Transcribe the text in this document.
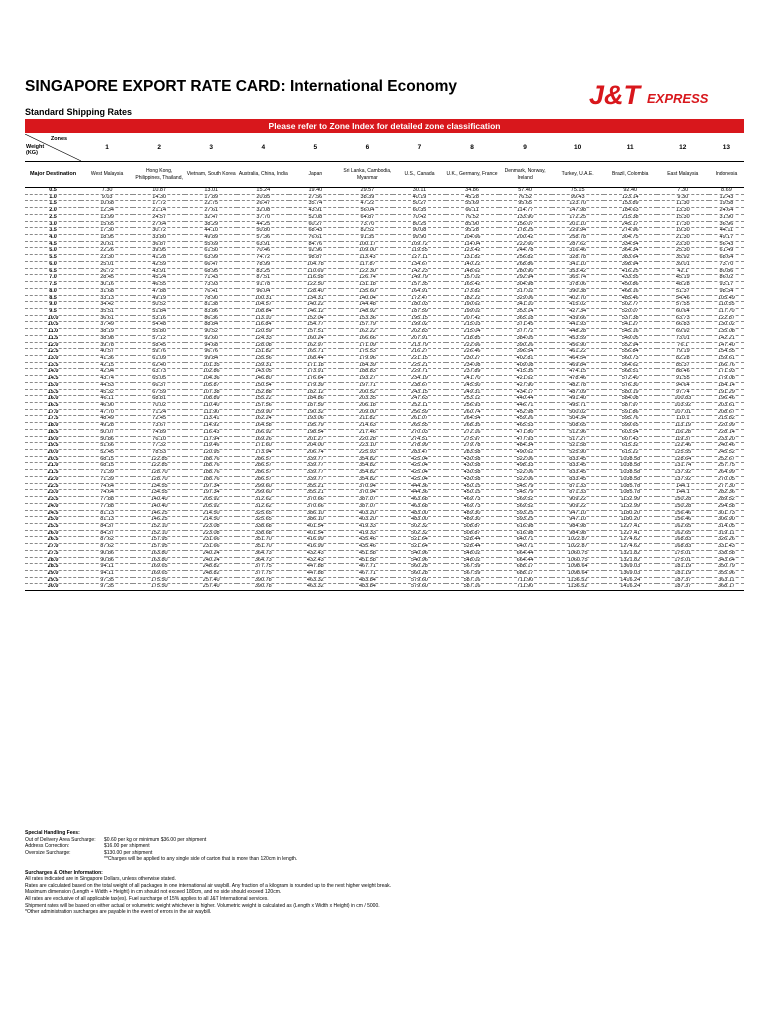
SINGAPORE EXPORT RATE CARD: International Economy	J&T EXPRESS
Standard Shipping Rates
Please refer to Zone Index for detailed zone classification
Zones
Weight
(KG)	1	2	3	4	5	6	7	8	9	10	11	12	13
Major Destination	West Malaysia	Hong Kong, Philippines, Thailand,	Vietnam, South Korea	Australia, China, India	Japan	Sri Lanka, Cambodia, Myanmar	U.S., Canada	U.K., Germany, France	Denmark, Norway, Ireland	Turkey, U.A.E.	Brazil, Colombia	East Malaysia	Indonesia
0.5	7.30	10.87	13.01	15.24	19.40	29.57	30.11	34.86	57.40	75.15	92.40	7.30	8.69
1.0	9.03	14.30	17.89	20.85	27.56	38.39	40.19	45.28	76.52	99.43	123.14	9.30	12.43
1.5	10.68	17.72	22.75	26.47	35.74	47.22	50.27	55.69	95.65	123.70	153.89	11.30	19.58
2.0	12.34	21.14	27.61	32.08	43.91	56.04	60.35	66.11	114.77	147.98	184.63	13.30	24.64
2.5	13.99	24.57	32.47	37.70	52.08	64.87	70.42	76.52	133.90	172.25	215.38	15.30	31.90
3.0	15.65	27.64	38.29	44.25	60.27	73.70	80.25	85.90	156.07	201.10	245.17	17.30	36.96
3.5	17.30	30.72	44.10	50.80	68.43	82.52	90.08	95.28	178.25	229.94	274.96	19.30	44.11
4.0	18.95	33.80	49.89	57.36	76.61	91.35	99.90	104.66	200.42	258.78	304.75	21.30	49.17
4.5	20.61	36.87	55.69	63.91	84.76	100.17	109.72	114.04	222.60	287.62	334.54	23.30	56.43
5.0	22.26	39.95	61.50	70.46	92.96	109.00	119.55	123.42	244.78	316.46	364.34	25.30	61.49
5.5	23.30	41.28	63.99	74.72	98.87	113.43	127.11	131.82	256.82	328.78	383.64	35.92	68.64
6.0	25.01	42.59	66.47	78.99	104.78	117.87	134.67	140.22	268.86	341.10	398.94	39.01	73.70
6.5	26.72	43.91	68.95	83.25	110.69	122.30	142.23	148.62	280.90	353.42	416.25	42.1	80.86
7.0	28.45	45.24	71.43	87.51	116.58	126.74	149.79	157.02	292.94	365.74	433.55	45.19	86.02
7.5	30.16	46.55	73.93	91.78	122.50	131.18	157.35	165.42	304.98	378.06	450.86	48.28	93.17
8.0	31.68	47.88	76.41	96.04	128.40	135.60	164.91	173.82	317.02	390.38	468.16	51.37	98.34
8.5	33.13	49.19	78.90	100.31	134.31	140.04	172.47	182.22	329.06	402.70	485.46	54.46	105.49
9.0	34.42	50.52	81.38	104.57	140.22	144.48	180.03	190.62	341.10	415.02	502.77	57.55	110.55
9.5	35.51	51.84	83.86	108.84	146.12	148.92	187.59	199.02	353.14	427.34	520.07	60.64	117.70
10.0	36.61	53.16	86.36	113.10	152.04	153.36	195.15	207.42	365.18	439.66	537.38	63.73	122.87
10.5	37.49	54.48	88.84	116.84	154.77	157.79	199.02	215.03	371.45	441.93	541.27	66.83	130.02
11.0	38.19	55.80	90.52	120.59	157.51	162.22	202.83	215.04	377.72	448.28	545.16	69.92	135.08
11.5	38.98	57.12	92.60	124.33	160.24	166.66	207.91	218.85	384.05	453.59	549.05	73.01	142.21
12.0	39.78	58.45	94.68	128.08	162.97	171.09	213.79	222.66	390.26	456.90	552.94	76.1	147.40
12.5	40.57	59.76	96.76	131.82	165.71	175.53	216.27	226.46	396.54	461.22	556.84	79.19	154.55
13.0	41.36	61.09	99.84	135.56	168.44	179.96	221.15	230.27	402.81	464.54	560.73	82.28	159.61
13.5	42.15	62.40	101.35	139.31	171.18	184.39	225.21	234.08	409.08	469.84	564.62	85.37	166.76
14.0	42.94	63.73	102.86	143.05	173.91	188.83	229.71	237.89	415.35	474.15	568.51	88.46	171.93
14.5	43.74	65.05	104.36	146.80	176.64	193.27	234.19	241.70	421.62	478.46	572.40	91.55	179.08
15.0	44.53	66.37	105.87	150.54	179.39	197.71	238.67	245.50	427.90	482.78	576.30	94.64	184.14
15.5	45.32	67.59	107.38	152.88	182.12	200.52	243.15	249.31	434.17	487.09	580.19	97.74	191.29
16.0	46.11	68.81	108.89	155.22	184.86	203.35	247.63	253.12	440.44	491.40	584.08	100.83	196.46
16.5	46.90	70.02	110.40	157.56	187.59	206.18	252.11	256.93	446.71	495.71	587.97	103.92	203.61
17.0	47.70	71.24	111.90	159.90	190.32	209.00	256.59	260.74	452.98	500.02	591.86	107.01	208.67
17.5	48.49	72.45	113.41	162.24	193.06	211.82	261.07	264.54	459.26	504.34	595.76	110.1	215.82
18.0	49.28	73.67	114.92	164.58	195.79	214.63	265.55	268.35	465.53	508.65	599.65	113.19	220.99
18.5	50.07	74.89	116.43	166.92	198.54	217.46	270.03	272.16	471.80	512.96	603.54	116.28	228.14
19.0	50.86	76.10	117.94	169.26	201.27	220.28	274.51	275.97	477.93	517.27	607.43	119.37	233.20
19.5	51.66	77.32	119.46	171.60	204.00	223.10	278.99	279.78	484.34	521.58	615.32	122.46	240.46
20.0	52.45	78.53	120.95	173.94	206.74	225.93	283.47	283.58	490.62	525.90	615.22	125.55	245.52
20.5	68.15	122.85	188.76	286.57	339.77	354.82	425.04	430.58	522.06	833.45	1038.58	128.64	252.67
21.0	68.15	122.85	188.76	286.57	339.77	354.82	425.04	430.58	498.33	833.45	1038.58	131.74	257.75
21.5	71.39	128.70	188.76	286.57	339.77	354.82	425.04	430.58	522.06	833.45	1038.58	137.92	264.99
22.0	71.39	128.70	188.76	286.57	339.77	354.82	425.04	430.58	522.06	833.45	1038.58	137.92	270.05
22.5	74.64	134.55	197.34	299.60	355.21	370.94	444.36	450.15	545.79	871.33	1085.78	144.1	277.30
23.0	74.64	134.55	197.34	299.60	355.21	370.94	444.36	450.15	545.79	871.33	1085.78	144.1	282.36
23.5	77.88	140.40	205.92	312.62	370.66	387.07	463.68	469.73	569.52	909.22	1132.99	150.28	289.52
24.0	77.88	140.40	205.92	312.62	370.66	387.07	463.68	469.73	569.52	909.22	1132.99	150.28	294.58
24.5	81.13	146.25	214.50	325.65	386.10	403.20	483.00	489.30	593.25	947.10	1180.20	156.46	301.73
25.0	81.13	146.25	214.50	325.65	386.10	403.20	483.00	489.30	593.25	947.10	1180.20	156.46	306.90
25.5	84.37	152.10	223.08	338.68	401.54	419.33	502.32	508.87	616.98	984.98	1227.41	162.65	314.05
26.0	84.37	152.10	223.08	338.68	401.54	419.33	502.32	508.87	616.98	984.98	1227.41	162.65	319.11
26.5	87.62	157.95	231.66	351.70	416.99	435.46	521.64	528.44	640.71	1022.87	1274.62	168.83	326.26
27.0	87.62	157.95	231.66	351.70	416.99	435.46	521.64	528.44	640.71	1022.87	1274.62	168.83	331.43
27.5	90.86	163.80	240.24	364.73	432.43	451.58	540.96	548.02	664.44	1060.75	1321.82	175.01	338.58
28.0	90.86	163.80	240.24	364.73	432.43	451.58	540.96	548.02	664.44	1060.75	1321.82	175.01	343.64
28.5	94.11	169.65	248.82	377.75	447.88	467.71	560.28	567.59	688.17	1098.64	1369.03	181.19	350.79
29.0	94.11	169.65	248.82	377.75	447.88	467.71	560.28	567.59	688.17	1098.64	1369.03	181.19	355.96
29.5	97.35	175.50	257.40	390.78	463.32	483.84	579.60	587.16	711.90	1136.52	1416.24	187.37	363.11
30.0	97.35	175.50	257.40	390.78	463.32	483.84	579.60	587.16	711.90	1136.52	1416.24	187.37	368.17
Special Handling Fees:
Out of Delivery Area Surcharge:	$0.60 per kg or minimum $36.00 per shipment
Address Correction:	$16.00 per shipment
Oversize Surcharge:	$130.00 per shipment
**Charges will be applied to any single side of carton that is more than 120cm in length.
Surcharges & Other Information:
All rates indicated are in Singapore Dollars, unless otherwise stated.
Rates are calculated based on the total weight of all packages in one international air waybill. Any fraction of a kilogram is rounded up to the next higher weight break.
Maximum dimension (Length + Width + Height) in cm should not exceed 180cm, and no side should exceed 120cm.
All rates are exclusive of all applicable tax(es). Fuel surcharge of 15% applies to all J&T International services.
Shipment rates will be based on either actual or volumetric weight whichever is higher. Volumetric weight is calculated as (Length x Width x Height) in cm / 5000.
*Other administration surcharges are payable in the event of errors in the air waybill.
